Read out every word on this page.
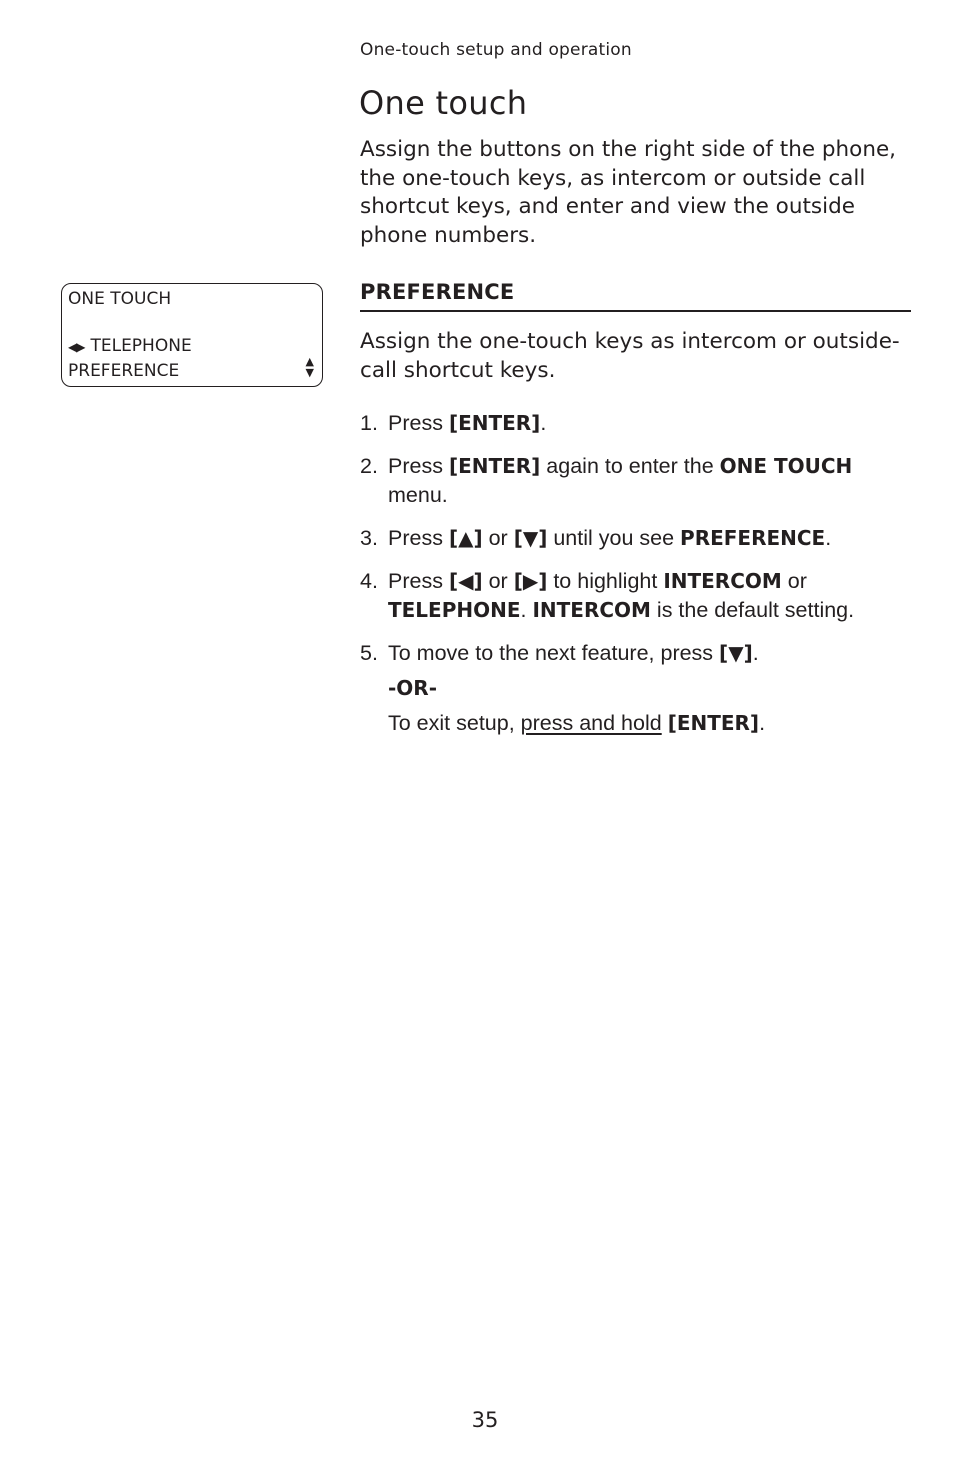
One-touch setup and operation
One touch

Assign the buttons on the right side of the phone, the one-touch keys, as intercom or outside call shortcut keys, and enter and view the outside phone numbers.

ONE TOUCH
◀▶ TELEPHONE
PREFERENCE	▲
▼
PREFERENCE

Assign the one-touch keys as intercom or outside-call shortcut keys.

1. Press [ENTER].
2. Press [ENTER] again to enter the ONE TOUCH menu.
3. Press [▲] or [▼] until you see PREFERENCE.
4. Press [◀] or [▶] to highlight INTERCOM or TELEPHONE. INTERCOM is the default setting.
5. To move to the next feature, press [▼].
-OR-
To exit setup, press and hold [ENTER].
35
